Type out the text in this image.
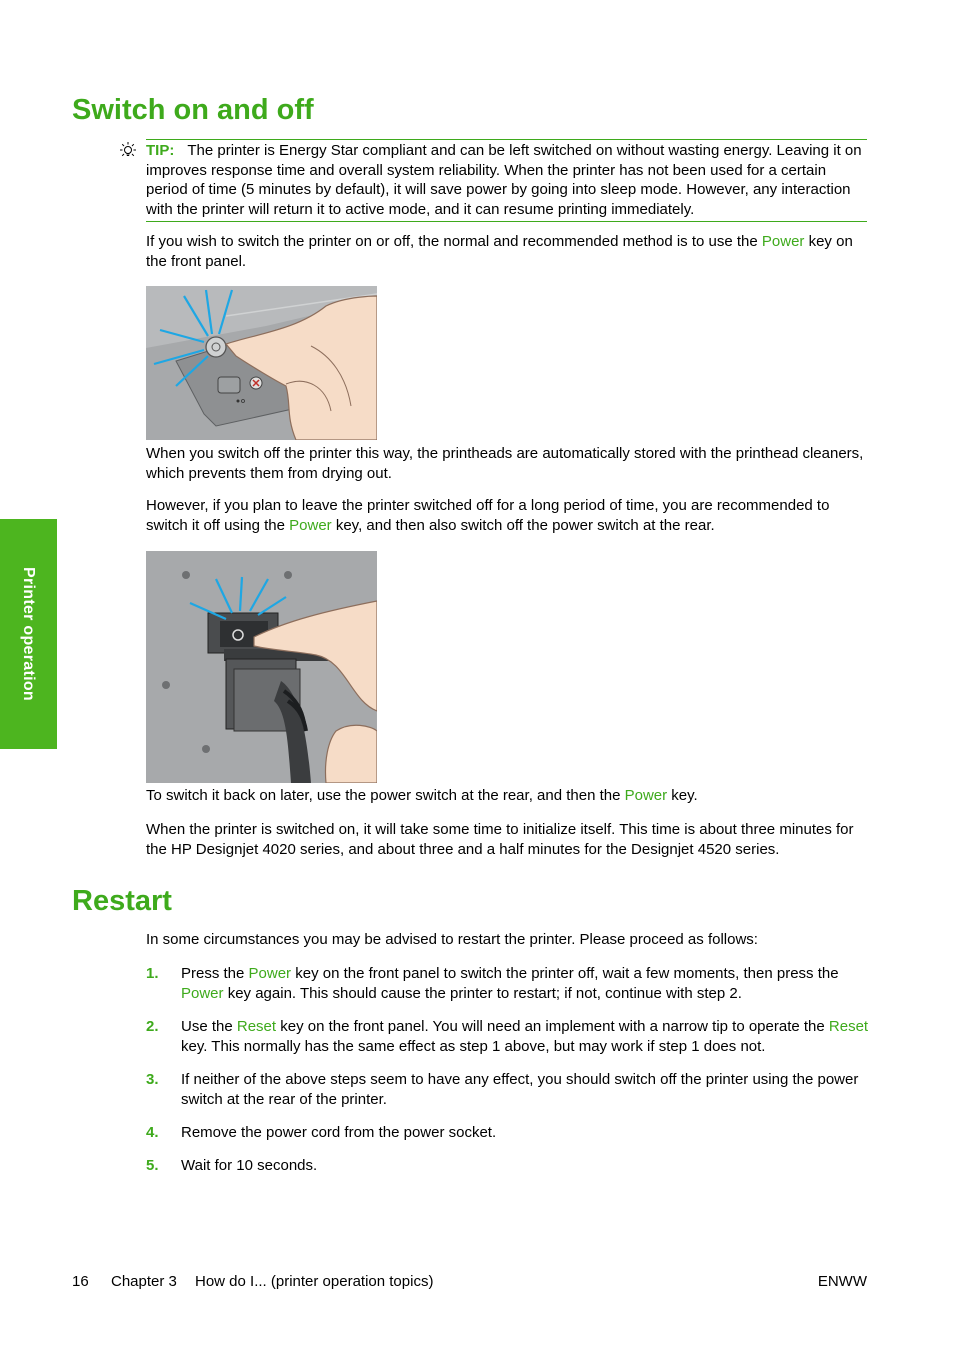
Printer operation
Switch on and off

TIP: The printer is Energy Star compliant and can be left switched on without wasting energy. Leaving it on improves response time and overall system reliability. When the printer has not been used for a certain period of time (5 minutes by default), it will save power by going into sleep mode. However, any interaction with the printer will return it to active mode, and it can resume printing immediately.

If you wish to switch the printer on or off, the normal and recommended method is to use the Power key on the front panel.

When you switch off the printer this way, the printheads are automatically stored with the printhead cleaners, which prevents them from drying out.

However, if you plan to leave the printer switched off for a long period of time, you are recommended to switch it off using the Power key, and then also switch off the power switch at the rear.

To switch it back on later, use the power switch at the rear, and then the Power key.

When the printer is switched on, it will take some time to initialize itself. This time is about three minutes for the HP Designjet 4020 series, and about three and a half minutes for the Designjet 4520 series.

Restart

In some circumstances you may be advised to restart the printer. Please proceed as follows:

1. Press the Power key on the front panel to switch the printer off, wait a few moments, then press the Power key again. This should cause the printer to restart; if not, continue with step 2.
2. Use the Reset key on the front panel. You will need an implement with a narrow tip to operate the Reset key. This normally has the same effect as step 1 above, but may work if step 1 does not.
3. If neither of the above steps seem to have any effect, you should switch off the printer using the power switch at the rear of the printer.
4. Remove the power cord from the power socket.
5. Wait for 10 seconds.
16 Chapter 3 How do I... (printer operation topics)	ENWW
